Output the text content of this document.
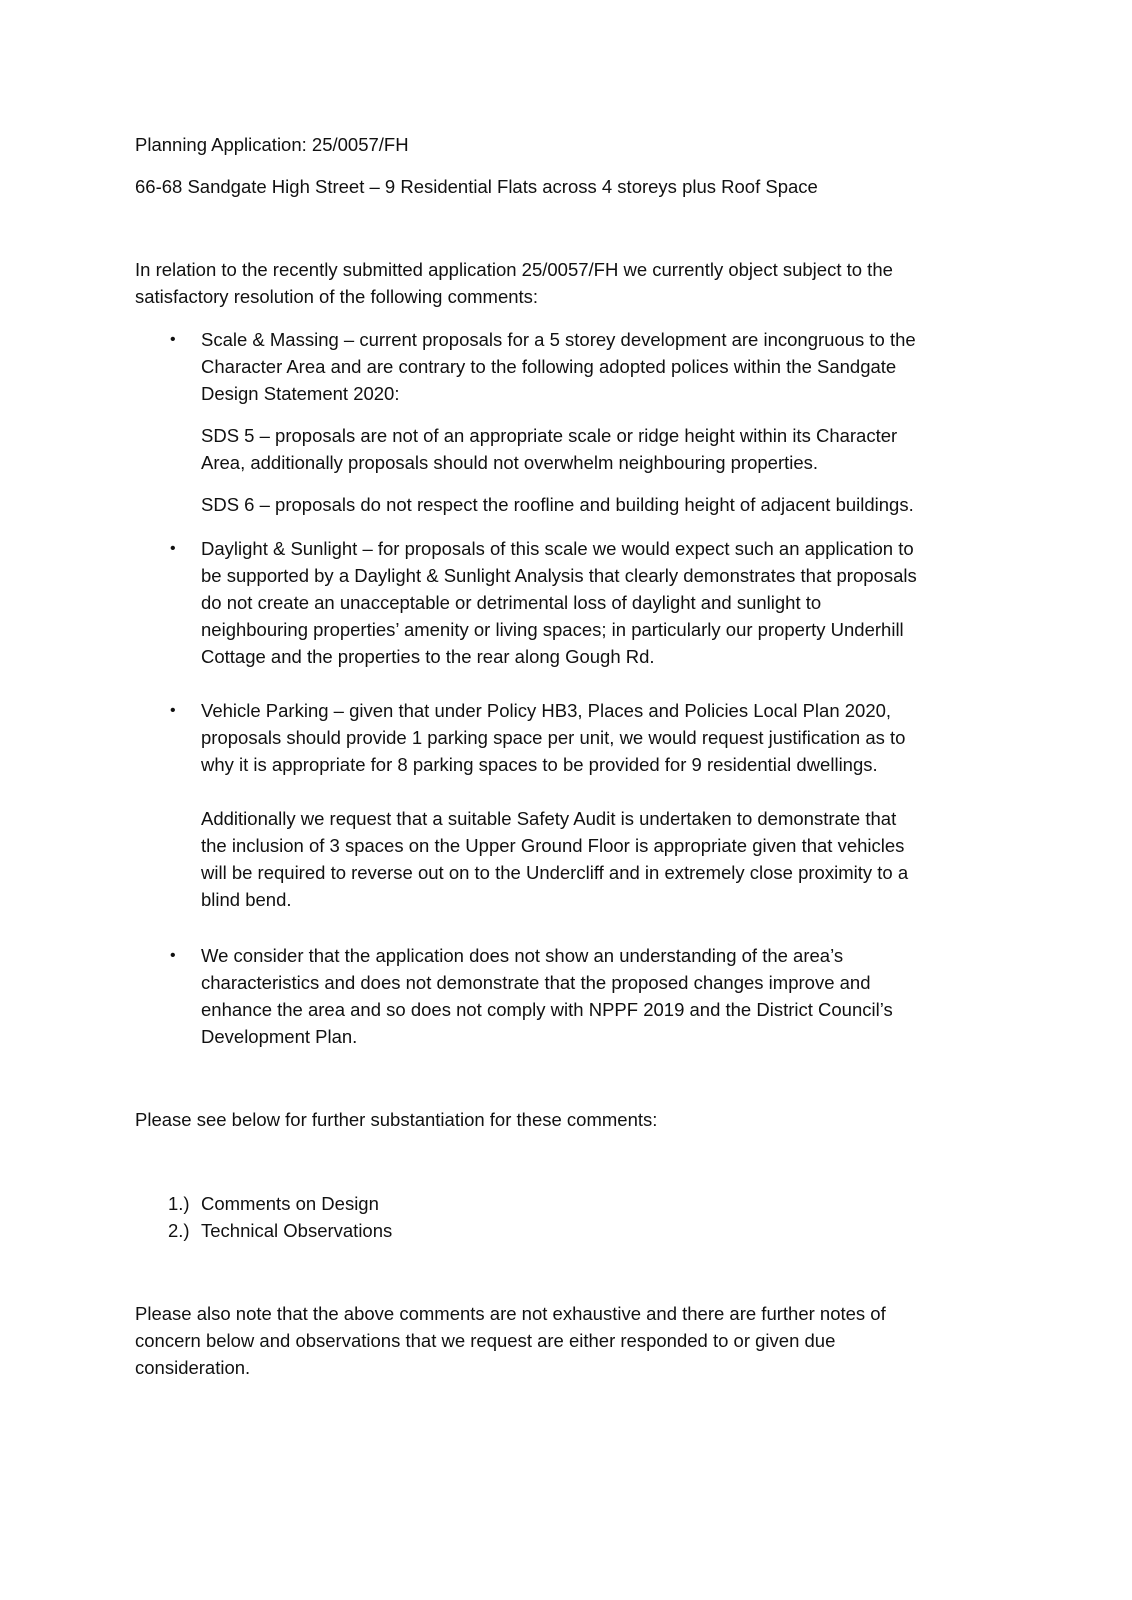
Planning Application: 25/0057/FH
66-68 Sandgate High Street – 9 Residential Flats across 4 storeys plus Roof Space
In relation to the recently submitted application 25/0057/FH we currently object subject to the
satisfactory resolution of the following comments:
Scale & Massing – current proposals for a 5 storey development are incongruous to the
Character Area and are contrary to the following adopted polices within the Sandgate
Design Statement 2020:
•
SDS 5 – proposals are not of an appropriate scale or ridge height within its Character
Area, additionally proposals should not overwhelm neighbouring properties.
SDS 6 – proposals do not respect the roofline and building height of adjacent buildings.
Daylight & Sunlight – for proposals of this scale we would expect such an application to
be supported by a Daylight & Sunlight Analysis that clearly demonstrates that proposals
do not create an unacceptable or detrimental loss of daylight and sunlight to
neighbouring properties’ amenity or living spaces; in particularly our property Underhill
Cottage and the properties to the rear along Gough Rd.
•
Vehicle Parking – given that under Policy HB3, Places and Policies Local Plan 2020,
proposals should provide 1 parking space per unit, we would request justification as to
why it is appropriate for 8 parking spaces to be provided for 9 residential dwellings.
•
Additionally we request that a suitable Safety Audit is undertaken to demonstrate that
the inclusion of 3 spaces on the Upper Ground Floor is appropriate given that vehicles
will be required to reverse out on to the Undercliff and in extremely close proximity to a
blind bend.
We consider that the application does not show an understanding of the area’s
characteristics and does not demonstrate that the proposed changes improve and
enhance the area and so does not comply with NPPF 2019 and the District Council’s
Development Plan.
•
Please see below for further substantiation for these comments:
1.) Comments on Design
2.) Technical Observations
Please also note that the above comments are not exhaustive and there are further notes of
concern below and observations that we request are either responded to or given due
consideration.
